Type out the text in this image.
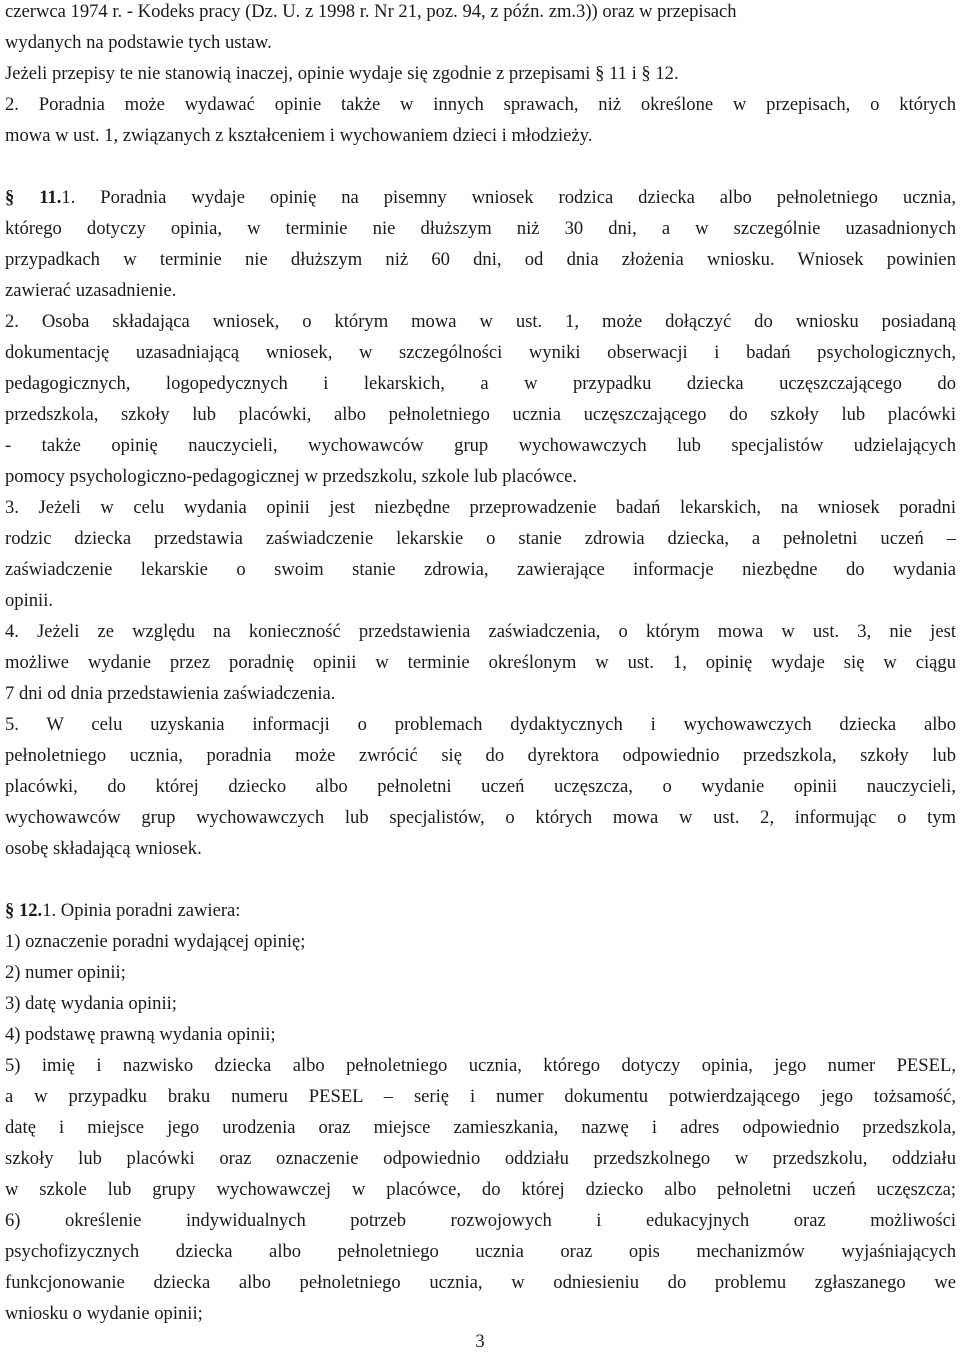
czerwca 1974 r. - Kodeks pracy (Dz. U. z 1998 r. Nr 21, poz. 94, z późn. zm.3)) oraz w przepisach
wydanych na podstawie tych ustaw.
Jeżeli przepisy te nie stanowią inaczej, opinie wydaje się zgodnie z przepisami § 11 i § 12.
2. Poradnia może wydawać opinie także w innych sprawach, niż określone w przepisach, o których
mowa w ust. 1, związanych z kształceniem i wychowaniem dzieci i młodzieży.
§ 11.1. Poradnia wydaje opinię na pisemny wniosek rodzica dziecka albo pełnoletniego ucznia,
którego dotyczy opinia, w terminie nie dłuższym niż 30 dni, a w szczególnie uzasadnionych
przypadkach w terminie nie dłuższym niż 60 dni, od dnia złożenia wniosku. Wniosek powinien
zawierać uzasadnienie.
2. Osoba składająca wniosek, o którym mowa w ust. 1, może dołączyć do wniosku posiadaną
dokumentację uzasadniającą wniosek, w szczególności wyniki obserwacji i badań psychologicznych,
pedagogicznych, logopedycznych i lekarskich, a w przypadku dziecka uczęszczającego do
przedszkola, szkoły lub placówki, albo pełnoletniego ucznia uczęszczającego do szkoły lub placówki
- także opinię nauczycieli, wychowawców grup wychowawczych lub specjalistów udzielających
pomocy psychologiczno-pedagogicznej w przedszkolu, szkole lub placówce.
3. Jeżeli w celu wydania opinii jest niezbędne przeprowadzenie badań lekarskich, na wniosek poradni
rodzic dziecka przedstawia zaświadczenie lekarskie o stanie zdrowia dziecka, a pełnoletni uczeń –
zaświadczenie lekarskie o swoim stanie zdrowia, zawierające informacje niezbędne do wydania
opinii.
4. Jeżeli ze względu na konieczność przedstawienia zaświadczenia, o którym mowa w ust. 3, nie jest
możliwe wydanie przez poradnię opinii w terminie określonym w ust. 1, opinię wydaje się w ciągu
7 dni od dnia przedstawienia zaświadczenia.
5. W celu uzyskania informacji o problemach dydaktycznych i wychowawczych dziecka albo
pełnoletniego ucznia, poradnia może zwrócić się do dyrektora odpowiednio przedszkola, szkoły lub
placówki, do której dziecko albo pełnoletni uczeń uczęszcza, o wydanie opinii nauczycieli,
wychowawców grup wychowawczych lub specjalistów, o których mowa w ust. 2, informując o tym
osobę składającą wniosek.
§ 12.1. Opinia poradni zawiera:
1) oznaczenie poradni wydającej opinię;
2) numer opinii;
3) datę wydania opinii;
4) podstawę prawną wydania opinii;
5) imię i nazwisko dziecka albo pełnoletniego ucznia, którego dotyczy opinia, jego numer PESEL,
a w przypadku braku numeru PESEL – serię i numer dokumentu potwierdzającego jego tożsamość,
datę i miejsce jego urodzenia oraz miejsce zamieszkania, nazwę i adres odpowiednio przedszkola,
szkoły lub placówki oraz oznaczenie odpowiednio oddziału przedszkolnego w przedszkolu, oddziału
w szkole lub grupy wychowawczej w placówce, do której dziecko albo pełnoletni uczeń uczęszcza;
6) określenie indywidualnych potrzeb rozwojowych i edukacyjnych oraz możliwości
psychofizycznych dziecka albo pełnoletniego ucznia oraz opis mechanizmów wyjaśniających
funkcjonowanie dziecka albo pełnoletniego ucznia, w odniesieniu do problemu zgłaszanego we
wniosku o wydanie opinii;
3
